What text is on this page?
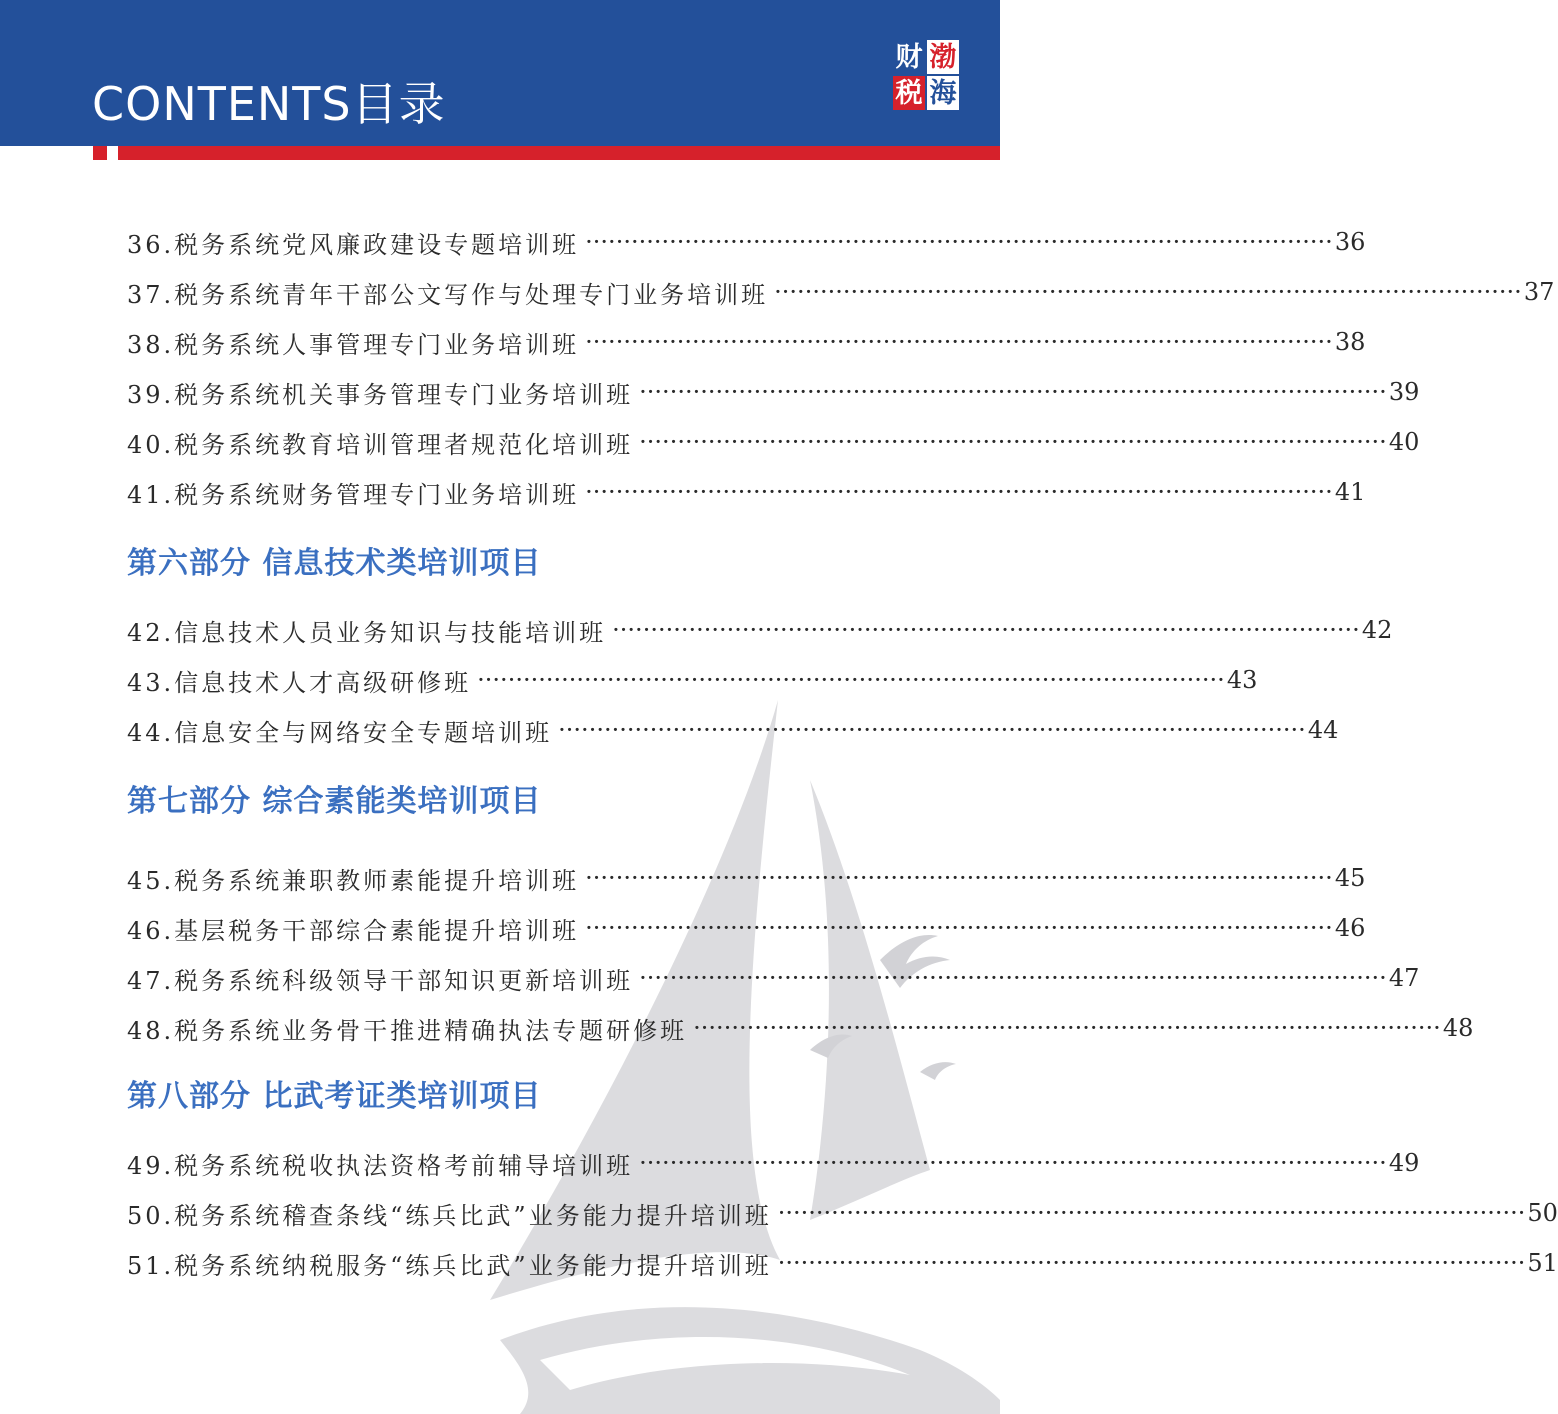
CONTENTS目录
财 渤
税 海
36.税务系统党风廉政建设专题培训班 ·································································································· 36
37.税务系统青年干部公文写作与处理专门业务培训班 ·································································································· 37
38.税务系统人事管理专门业务培训班 ·································································································· 38
39.税务系统机关事务管理专门业务培训班 ·································································································· 39
40.税务系统教育培训管理者规范化培训班 ·································································································· 40
41.税务系统财务管理专门业务培训班 ·································································································· 41
第六部分 信息技术类培训项目
42.信息技术人员业务知识与技能培训班 ·································································································· 42
43.信息技术人才高级研修班 ·································································································· 43
44.信息安全与网络安全专题培训班 ·································································································· 44
第七部分 综合素能类培训项目
45.税务系统兼职教师素能提升培训班 ·································································································· 45
46.基层税务干部综合素能提升培训班 ·································································································· 46
47.税务系统科级领导干部知识更新培训班 ·································································································· 47
48.税务系统业务骨干推进精确执法专题研修班 ·································································································· 48
第八部分 比武考证类培训项目
49.税务系统税收执法资格考前辅导培训班 ·································································································· 49
50.税务系统稽查条线“练兵比武”业务能力提升培训班 ·································································································· 50
51.税务系统纳税服务“练兵比武”业务能力提升培训班 ·································································································· 51
